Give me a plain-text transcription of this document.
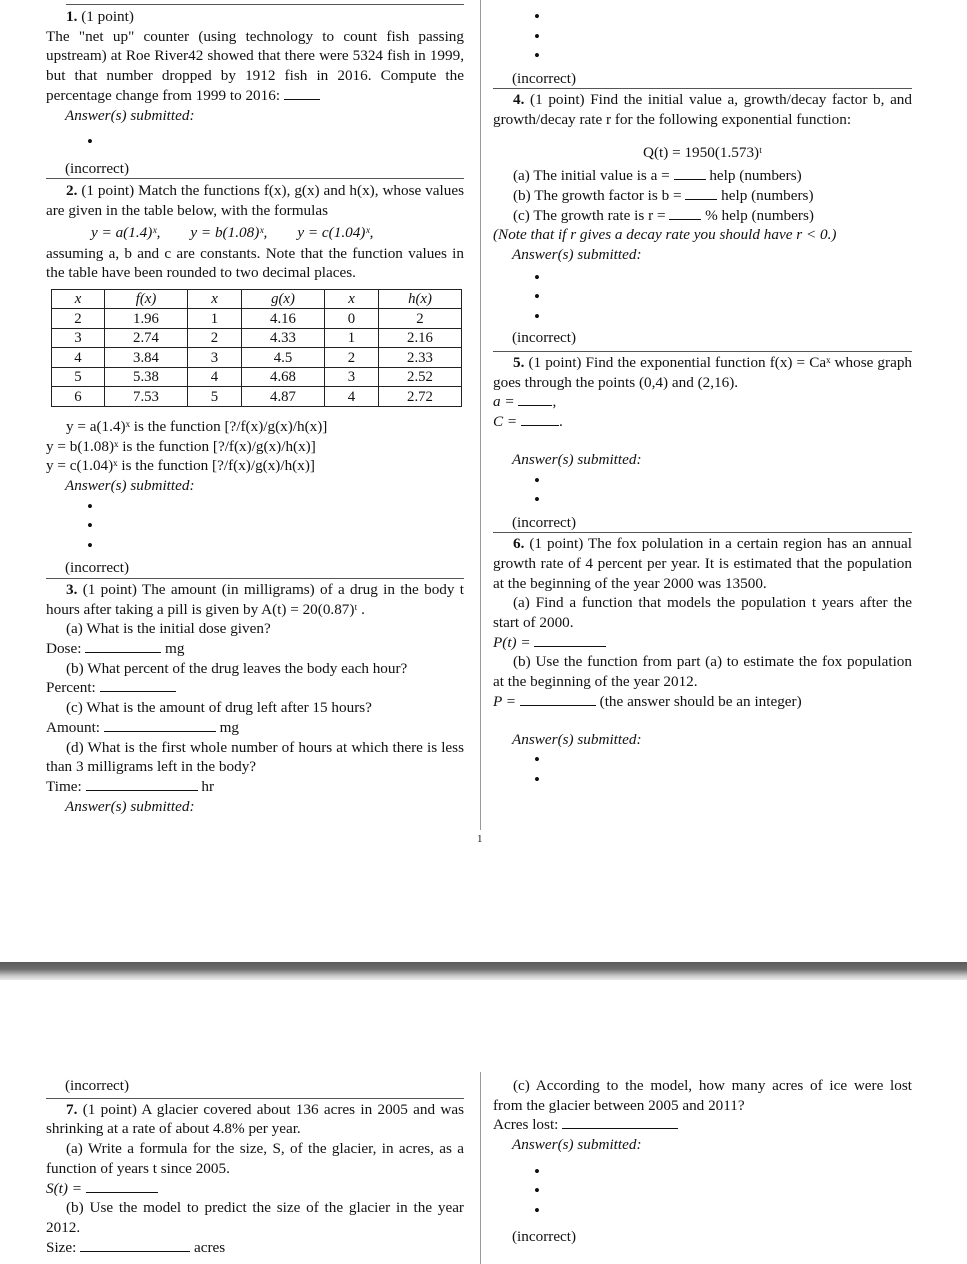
1. (1 point)

The "net up" counter (using technology to count fish passing upstream) at Roe River42 showed that there were 5324 fish in 1999, but that number dropped by 1912 fish in 2016. Compute the percentage change from 1999 to 2016:

Answer(s) submitted:

•

(incorrect)

2. (1 point) Match the functions f(x), g(x) and h(x), whose values are given in the table below, with the formulas

y = a(1.4)ˣ, y = b(1.08)ˣ, y = c(1.04)ˣ,

assuming a, b and c are constants. Note that the function values in the table have been rounded to two decimal places.

x	f(x)	x	g(x)	x	h(x)
2	1.96	1	4.16	0	2
3	2.74	2	4.33	1	2.16
4	3.84	3	4.5	2	2.33
5	5.38	4	4.68	3	2.52
6	7.53	5	4.87	4	2.72

y = a(1.4)ˣ is the function [?/f(x)/g(x)/h(x)]

y = b(1.08)ˣ is the function [?/f(x)/g(x)/h(x)]

y = c(1.04)ˣ is the function [?/f(x)/g(x)/h(x)]

Answer(s) submitted:

•
•
•

(incorrect)

3. (1 point) The amount (in milligrams) of a drug in the body t hours after taking a pill is given by A(t) = 20(0.87)ᵗ .

(a) What is the initial dose given?

Dose:	mg

(b) What percent of the drug leaves the body each hour?

Percent:

(c) What is the amount of drug left after 15 hours?

Amount:	mg

(d) What is the first whole number of hours at which there is less than 3 milligrams left in the body?

Time:	hr

Answer(s) submitted:

•
•
•

(incorrect)

4. (1 point) Find the initial value a, growth/decay factor b, and growth/decay rate r for the following exponential function:

Q(t) = 1950(1.573)ᵗ

(a) The initial value is a =	help (numbers)

(b) The growth factor is b =	help (numbers)

(c) The growth rate is r =	% help (numbers)

(Note that if r gives a decay rate you should have r < 0.)

Answer(s) submitted:

•
•
•

(incorrect)

5. (1 point) Find the exponential function f(x) = Caˣ whose graph goes through the points (0,4) and (2,16).

a = ,

C =	.

Answer(s) submitted:

•
•

(incorrect)

6. (1 point) The fox polulation in a certain region has an annual growth rate of 4 percent per year. It is estimated that the population at the beginning of the year 2000 was 13500.

(a) Find a function that models the population t years after the start of 2000.

P(t) =

(b) Use the function from part (a) to estimate the fox population at the beginning of the year 2012.

P =	(the answer should be an integer)

Answer(s) submitted:

•
•
1

(incorrect)

7. (1 point) A glacier covered about 136 acres in 2005 and was shrinking at a rate of about 4.8% per year.

(a) Write a formula for the size, S, of the glacier, in acres, as a function of years t since 2005.

S(t) =

(b) Use the model to predict the size of the glacier in the year 2012.

Size:	acres

(c) According to the model, how many acres of ice were lost from the glacier between 2005 and 2011?

Acres lost:

Answer(s) submitted:

•
•
•

(incorrect)
